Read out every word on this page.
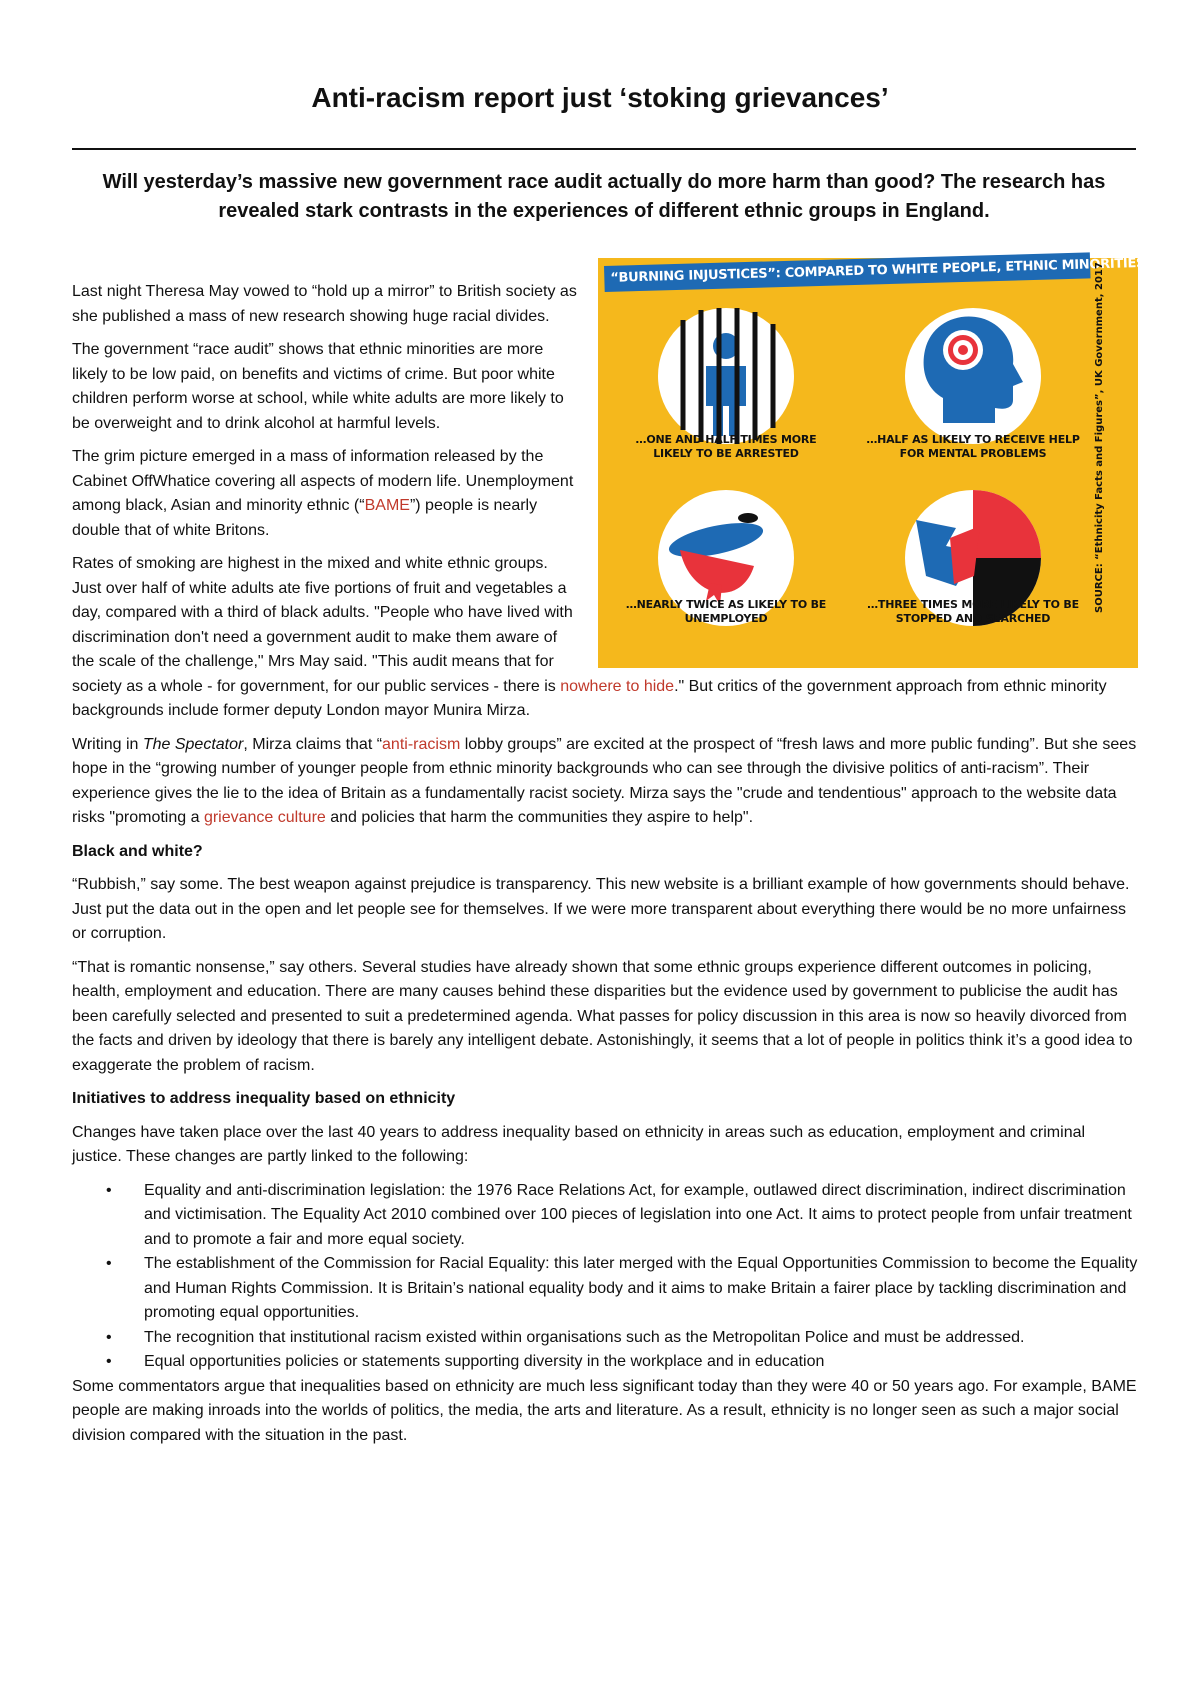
Anti-racism report just ‘stoking grievances’

Will yesterday’s massive new government race audit actually do more harm than good? The research has revealed stark contrasts in the experiences of different ethnic groups in England.

“BURNING INJUSTICES”: COMPARED TO WHITE PEOPLE, ETHNIC MINORITIES ARE…
…ONE AND HALF TIMES MORE LIKELY TO BE ARRESTED
…HALF AS LIKELY TO RECEIVE HELP FOR MENTAL PROBLEMS
…NEARLY TWICE AS LIKELY TO BE UNEMPLOYED
…THREE TIMES MORE LIKELY TO BE STOPPED AND SEARCHED
SOURCE: “Ethnicity Facts and Figures”, UK Government, 2017

Last night Theresa May vowed to “hold up a mirror” to British society as she published a mass of new research showing huge racial divides.

The government “race audit” shows that ethnic minorities are more likely to be low paid, on benefits and victims of crime. But poor white children perform worse at school, while white adults are more likely to be overweight and to drink alcohol at harmful levels.

The grim picture emerged in a mass of information released by the Cabinet OffWhatice covering all aspects of modern life. Unemployment among black, Asian and minority ethnic (“BAME”) people is nearly double that of white Britons.

Rates of smoking are highest in the mixed and white ethnic groups. Just over half of white adults ate five portions of fruit and vegetables a day, compared with a third of black adults. "People who have lived with discrimination don't need a government audit to make them aware of the scale of the challenge," Mrs May said. "This audit means that for society as a whole - for government, for our public services - there is nowhere to hide." But critics of the government approach from ethnic minority backgrounds include former deputy London mayor Munira Mirza.

Writing in The Spectator, Mirza claims that “anti-racism lobby groups” are excited at the prospect of “fresh laws and more public funding”. But she sees hope in the “growing number of younger people from ethnic minority backgrounds who can see through the divisive politics of anti-racism”. Their experience gives the lie to the idea of Britain as a fundamentally racist society. Mirza says the "crude and tendentious" approach to the website data risks "promoting a grievance culture and policies that harm the communities they aspire to help".

Black and white?

“Rubbish,” say some. The best weapon against prejudice is transparency. This new website is a brilliant example of how governments should behave. Just put the data out in the open and let people see for themselves. If we were more transparent about everything there would be no more unfairness or corruption.

“That is romantic nonsense,” say others. Several studies have already shown that some ethnic groups experience different outcomes in policing, health, employment and education. There are many causes behind these disparities but the evidence used by government to publicise the audit has been carefully selected and presented to suit a predetermined agenda. What passes for policy discussion in this area is now so heavily divorced from the facts and driven by ideology that there is barely any intelligent debate. Astonishingly, it seems that a lot of people in politics think it’s a good idea to exaggerate the problem of racism.

Initiatives to address inequality based on ethnicity

Changes have taken place over the last 40 years to address inequality based on ethnicity in areas such as education, employment and criminal justice. These changes are partly linked to the following:

• Equality and anti-discrimination legislation: the 1976 Race Relations Act, for example, outlawed direct discrimination, indirect discrimination and victimisation. The Equality Act 2010 combined over 100 pieces of legislation into one Act. It aims to protect people from unfair treatment and to promote a fair and more equal society.
• The establishment of the Commission for Racial Equality: this later merged with the Equal Opportunities Commission to become the Equality and Human Rights Commission. It is Britain’s national equality body and it aims to make Britain a fairer place by tackling discrimination and promoting equal opportunities.
• The recognition that institutional racism existed within organisations such as the Metropolitan Police and must be addressed.
• Equal opportunities policies or statements supporting diversity in the workplace and in education

Some commentators argue that inequalities based on ethnicity are much less significant today than they were 40 or 50 years ago. For example, BAME people are making inroads into the worlds of politics, the media, the arts and literature. As a result, ethnicity is no longer seen as such a major social division compared with the situation in the past.
